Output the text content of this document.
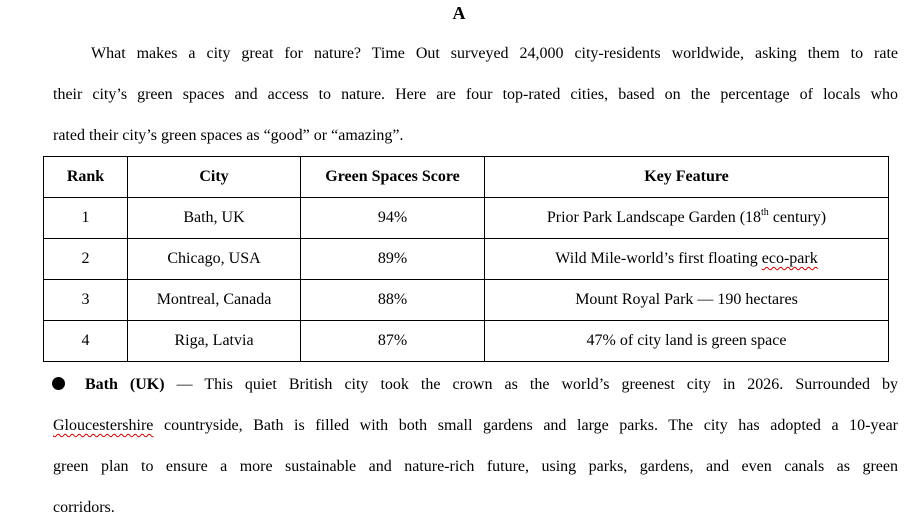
A
What makes a city great for nature? Time Out surveyed 24,000 city-residents worldwide, asking them to rate
their city’s green spaces and access to nature. Here are four top-rated cities, based on the percentage of locals who
rated their city’s green spaces as “good” or “amazing”.
Rank	City	Green Spaces Score	Key Feature
1	Bath, UK	94%	Prior Park Landscape Garden (18th century)
2	Chicago, USA	89%	Wild Mile-world’s first floating eco-park
3	Montreal, Canada	88%	Mount Royal Park — 190 hectares
4	Riga, Latvia	87%	47% of city land is green space
Bath (UK) — This quiet British city took the crown as the world’s greenest city in 2026. Surrounded by
Gloucestershire countryside, Bath is filled with both small gardens and large parks. The city has adopted a 10-year
green plan to ensure a more sustainable and nature-rich future, using parks, gardens, and even canals as green
corridors.
